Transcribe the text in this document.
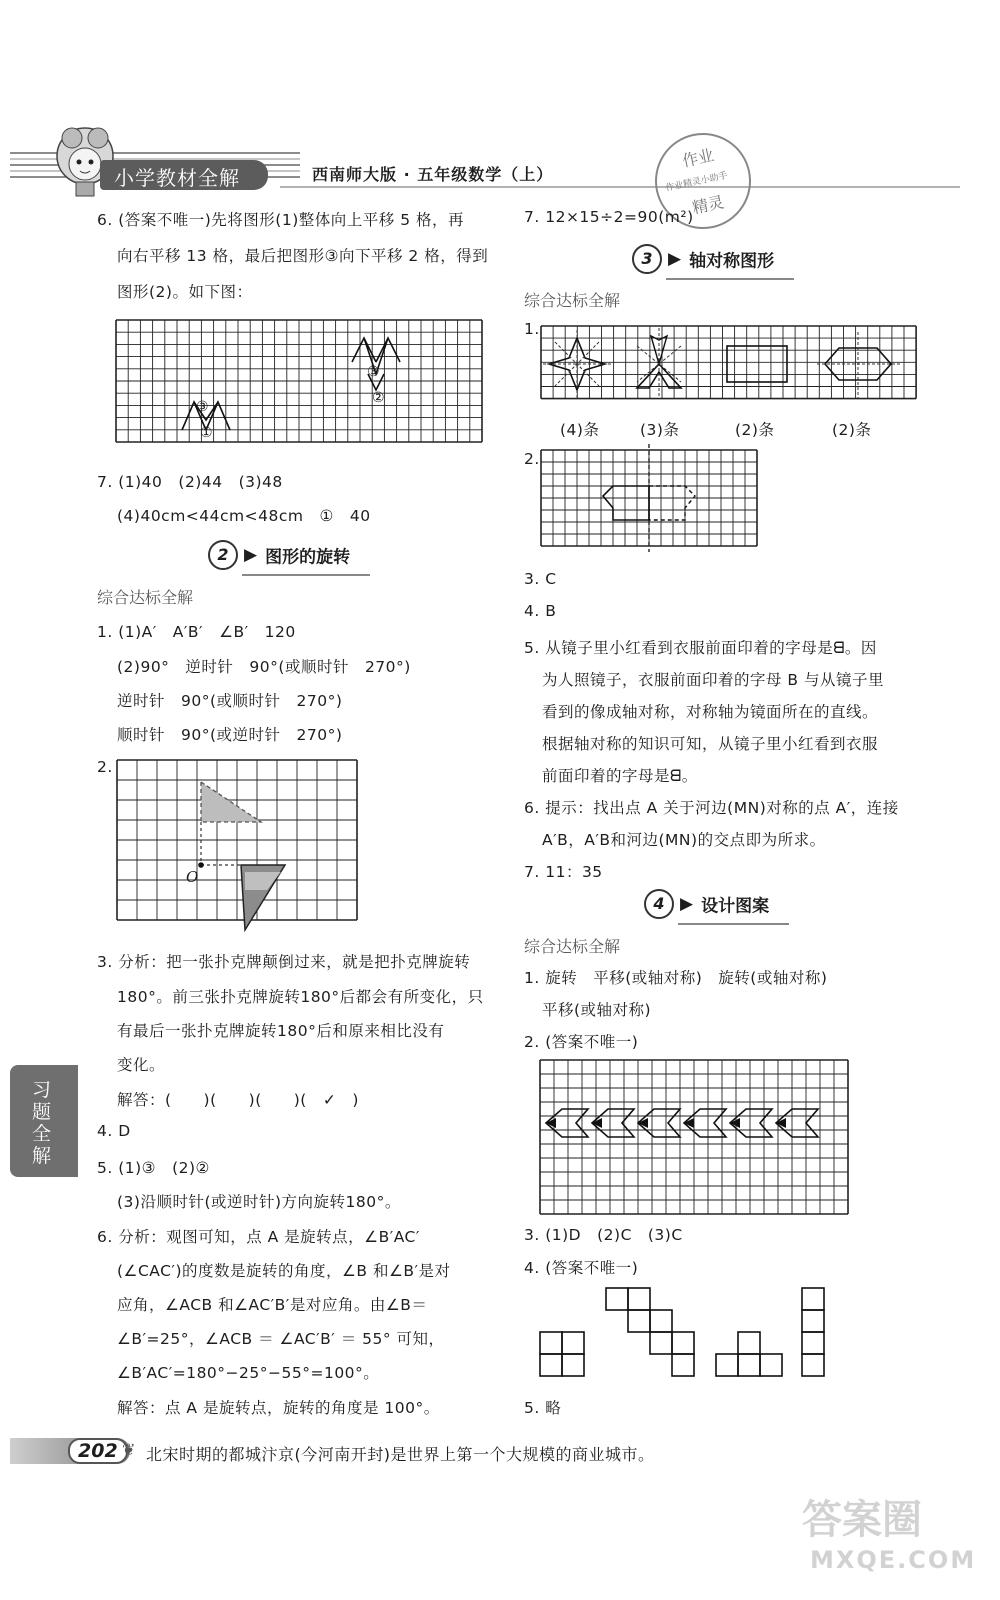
小学教材全解	西南师大版 · 五年级数学（上）
作业
作业精灵小助手
精灵
6. (答案不唯一)先将图形(1)整体向上平移 5 格，再
向右平移 13 格，最后把图形③向下平移 2 格，得到
图形(2)。如下图：
①
③
③
②
7. (1)40　(2)44　(3)48
(4)40cm<44cm<48cm　①　40
2 ▶ 图形的旋转
综合达标全解
1. (1)A′　A′B′　∠B′　120
(2)90°　逆时针　90°(或顺时针　270°)
逆时针　90°(或顺时针　270°)
顺时针　90°(或逆时针　270°)
2.
O
3. 分析：把一张扑克牌颠倒过来，就是把扑克牌旋转
180°。前三张扑克牌旋转180°后都会有所变化，只
有最后一张扑克牌旋转180°后和原来相比没有
变化。
解答：(　　)(　　)(　　)(　✓　)
4. D
5. (1)③　(2)②
(3)沿顺时针(或逆时针)方向旋转180°。
6. 分析：观图可知，点 A 是旋转点，∠B′AC′
(∠CAC′)的度数是旋转的角度，∠B 和∠B′是对
应角，∠ACB 和∠AC′B′是对应角。由∠B＝
∠B′=25°，∠ACB ＝ ∠AC′B′ ＝ 55° 可知，
∠B′AC′=180°−25°−55°=100°。
解答：点 A 是旋转点，旋转的角度是 100°。
习题全解
7. 12×15÷2=90(m²)
3 ▶ 轴对称图形
综合达标全解
1.
(4)条	(3)条	(2)条	(2)条
2.
3. C
4. B
5. 从镜子里小红看到衣服前面印着的字母是ᗺ。因
为人照镜子，衣服前面印着的字母 B 与从镜子里
看到的像成轴对称，对称轴为镜面所在的直线。
根据轴对称的知识可知，从镜子里小红看到衣服
前面印着的字母是ᗺ。
6. 提示：找出点 A 关于河边(MN)对称的点 A′，连接
A′B，A′B和河边(MN)的交点即为所求。
7. 11：35
4 ▶ 设计图案
综合达标全解
1. 旋转　平移(或轴对称)　旋转(或轴对称)
平移(或轴对称)
2. (答案不唯一)
3. (1)D　(2)C　(3)C
4. (答案不唯一)
5. 略
202 ❦ 北宋时期的都城汴京(今河南开封)是世界上第一个大规模的商业城市。
答案圈
MXQE.COM
